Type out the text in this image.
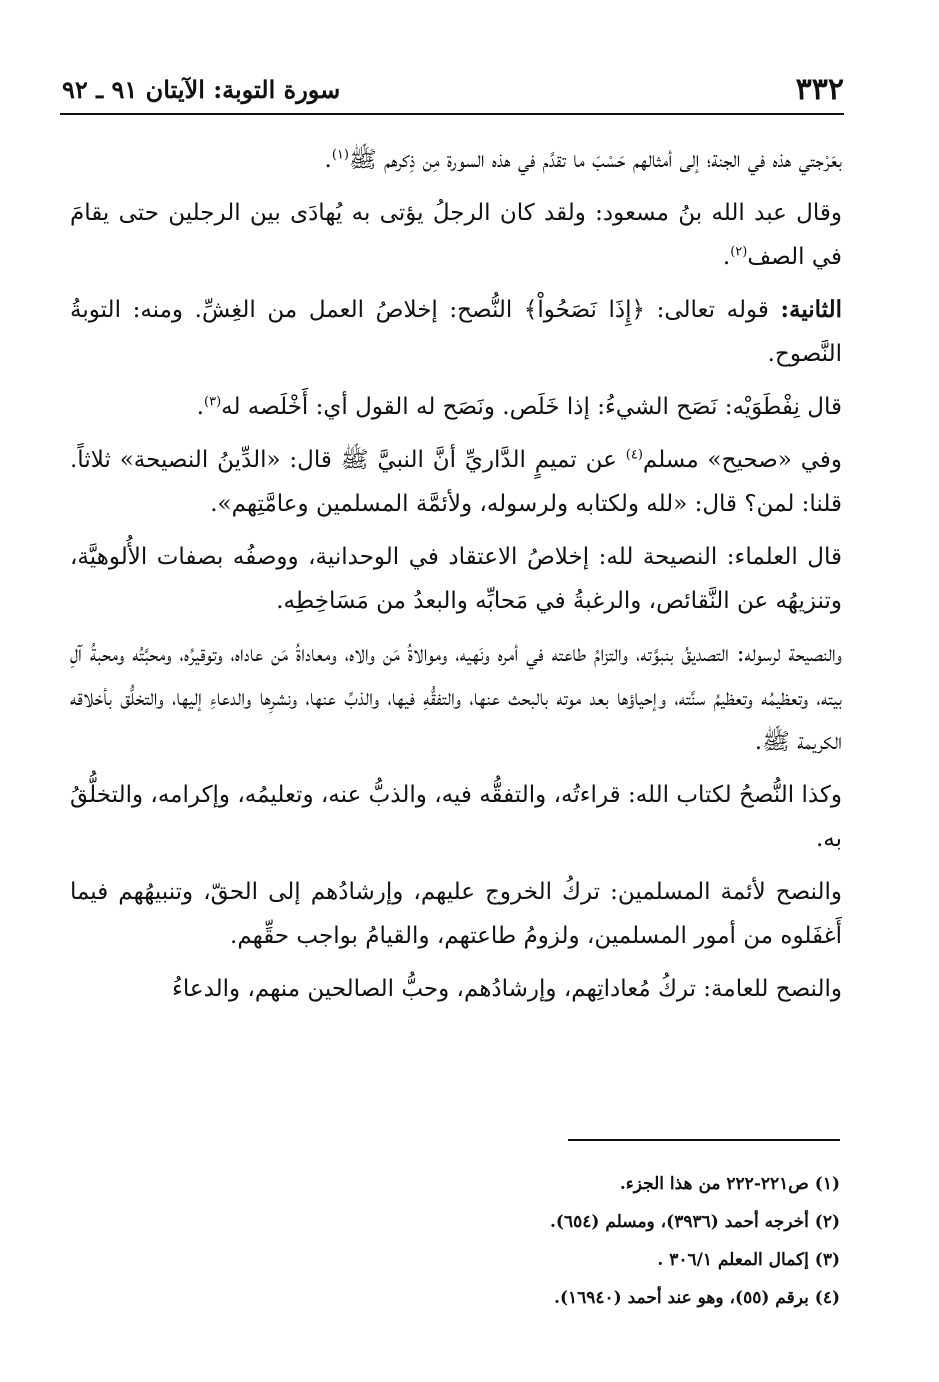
٣٣٢
سورة التوبة: الآيتان ٩١ ـ ٩٢

بعَرْجتي هذه في الجنة؛ إلى أمثالهم حَسْبَ ما تقدَّم في هذه السورة مِن ذِكرهم ﷺ$^{(١)}$.

وقال عبد الله بنُ مسعود: ولقد كان الرجلُ يؤتى به يُهادَى بين الرجلين حتى يقامَ في الصف$^{(٢)}$.

الثانية: قوله تعالى: ﴿إِذَا نَصَحُواْ﴾ النُّصح: إخلاصُ العمل من الغِشِّ. ومنه: التوبةُ النَّصوح.

قال نِفْطَوَيْه: نَصَح الشيءُ: إذا خَلَص. ونَصَح له القول أي: أَخْلَصه له$^{(٣)}$.

وفي «صحيح» مسلم$^{(٤)}$ عن تميمٍ الدَّاريِّ أنَّ النبيَّ ﷺ قال: «الدِّينُ النصيحة» ثلاثاً. قلنا: لمن؟ قال: «لله ولكتابه ولرسوله، ولأئمَّة المسلمين وعامَّتِهم».

قال العلماء: النصيحة لله: إخلاصُ الاعتقاد في الوحدانية، ووصفُه بصفات الأُلوهيَّة، وتنزيهُه عن النَّقائص، والرغبةُ في مَحابِّه والبعدُ من مَسَاخِطِه.

والنصيحة لرسوله: التصديقُ بنبوَّته، والتزامُ طاعته في أمره ونَهيه، وموالاةُ مَن والاه، ومعاداةُ مَن عاداه، وتوقيرُه، ومحبَّتُه ومحبةُ آلِ بيته، وتعظيمُه وتعظيمُ سنَّته، وإحياؤها بعد موته بالبحث عنها، والتفقُّهِ فيها، والذبِّ عنها، ونشرِها والدعاءِ إليها، والتخلُّق بأخلاقه الكريمة ﷺ.

وكذا النُّصحُ لكتاب الله: قراءتُه، والتفقُّه فيه، والذبُّ عنه، وتعليمُه، وإكرامه، والتخلُّقُ به.

والنصح لأئمة المسلمين: تركُ الخروج عليهم، وإرشادُهم إلى الحقّ، وتنبيهُهم فيما أَغفَلوه من أمور المسلمين، ولزومُ طاعتهم، والقيامُ بواجب حقِّهم.

والنصح للعامة: تركُ مُعاداتِهم، وإرشادُهم، وحبُّ الصالحين منهم، والدعاءُ

(١) ص٢٢١-٢٢٢ من هذا الجزء.

(٢) أخرجه أحمد (٣٩٣٦)، ومسلم (٦٥٤).

(٣) إكمال المعلم ٣٠٦/١ .

(٤) برقم (٥٥)، وهو عند أحمد (١٦٩٤٠).
